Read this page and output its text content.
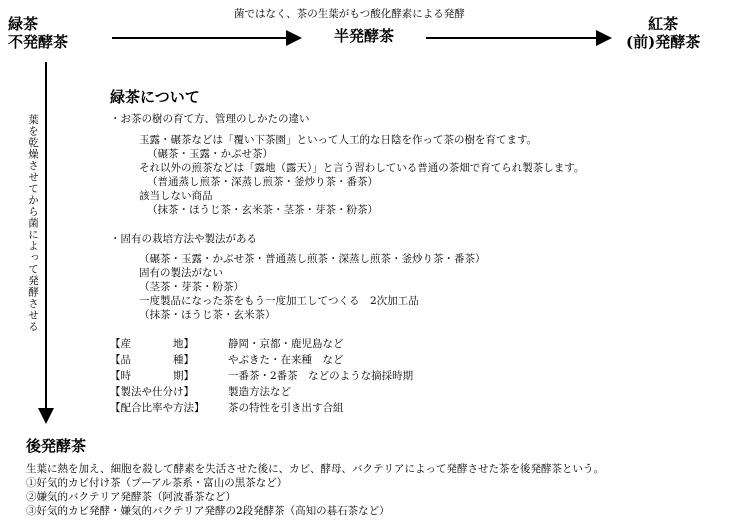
緑茶
不発酵茶	半発酵茶
紅茶
(前)発酵茶
後発酵茶
菌ではなく、茶の生葉がもつ酸化酵素による発酵
葉を乾燥させてから菌によって発酵させる
緑茶について
・お茶の樹の育て方、管理のしかたの違い
玉露・碾茶などは「覆い下茶園」といって人工的な日陰を作って茶の樹を育てます。
（碾茶・玉露・かぶせ茶）
それ以外の煎茶などは「露地（露天）」と言う習わしている普通の茶畑で育てられ製茶します。
（普通蒸し煎茶・深蒸し煎茶・釜炒り茶・番茶）
該当しない商品
（抹茶・ほうじ茶・玄米茶・茎茶・芽茶・粉茶）
・固有の栽培方法や製法がある
（碾茶・玉露・かぶせ茶・普通蒸し煎茶・深蒸し煎茶・釜炒り茶・番茶）
固有の製法がない
（茎茶・芽茶・粉茶）
一度製品になった茶をもう一度加工してつくる　2次加工品
（抹茶・ほうじ茶・玄米茶）
【産　　　　地】	静岡・京都・鹿児島など
【品　　　　種】	やぶきた・在来種　など
【時　　　　期】	一番茶・2番茶　などのような摘採時期
【製法や仕分け】	製造方法など
【配合比率や方法】	茶の特性を引き出す合組
生葉に熱を加え、細胞を殺して酵素を失活させた後に、カビ、酵母、バクテリアによって発酵させた茶を後発酵茶という。
①好気的カビ付け茶（プーアル茶系・富山の黒茶など）
②嫌気的バクテリア発酵茶（阿波番茶など）
③好気的カビ発酵・嫌気的バクテリア発酵の2段発酵茶（高知の碁石茶など）
